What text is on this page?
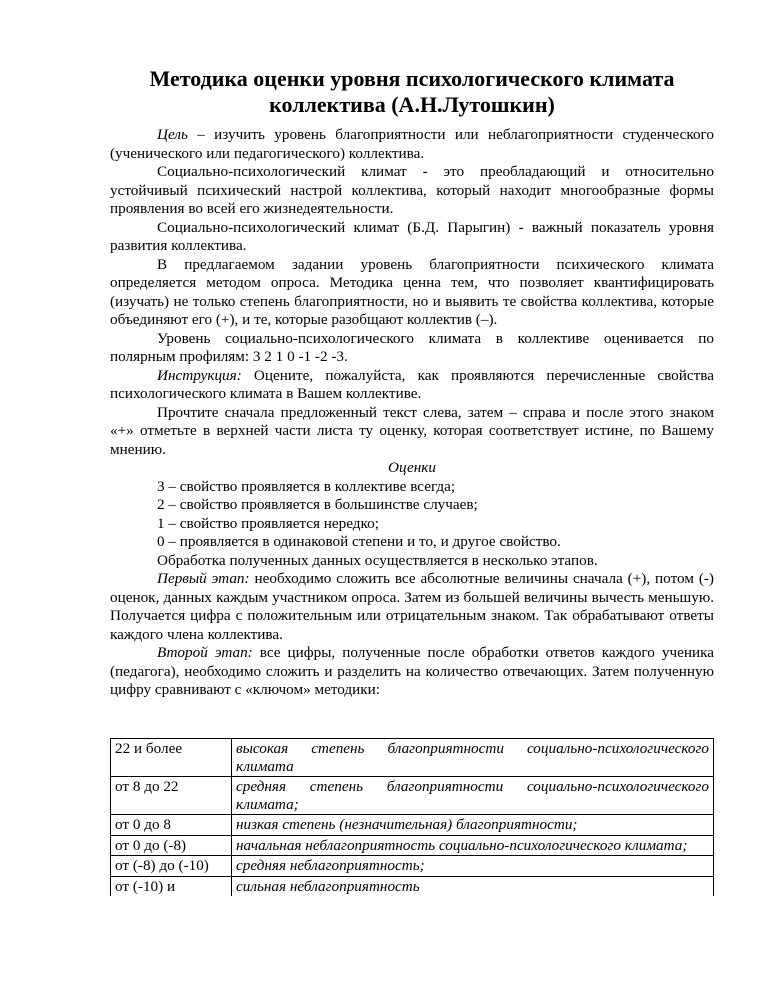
Методика оценки уровня психологического климата коллектива (А.Н.Лутошкин)

Цель – изучить уровень благоприятности или неблагоприятности студенческого (ученического или педагогического) коллектива.

Социально-психологический климат - это преобладающий и относительно устойчивый психический настрой коллектива, который находит многообразные формы проявления во всей его жизнедеятельности.

Социально-психологический климат (Б.Д. Парыгин) - важный показатель уровня развития коллектива.

В предлагаемом задании уровень благоприятности психического климата определяется методом опроса. Методика ценна тем, что позволяет квантифицировать (изучать) не только степень благоприятности, но и выявить те свойства коллектива, которые объединяют его (+), и те, которые разобщают коллектив (–).

Уровень социально-психологического климата в коллективе оценивается по полярным профилям: 3 2 1 0 -1 -2 -3.

Инструкция: Оцените, пожалуйста, как проявляются перечисленные свойства психологического климата в Вашем коллективе.

Прочтите сначала предложенный текст слева, затем – справа и после этого знаком «+» отметьте в верхней части листа ту оценку, которая соответствует истине, по Вашему мнению.

Оценки

3 – свойство проявляется в коллективе всегда;

2 – свойство проявляется в большинстве случаев;

1 – свойство проявляется нередко;

0 – проявляется в одинаковой степени и то, и другое свойство.

Обработка полученных данных осуществляется в несколько этапов.

Первый этап: необходимо сложить все абсолютные величины сначала (+), потом (-) оценок, данных каждым участником опроса. Затем из большей величины вычесть меньшую. Получается цифра с положительным или отрицательным знаком. Так обрабатывают ответы каждого члена коллектива.

Второй этап: все цифры, полученные после обработки ответов каждого ученика (педагога), необходимо сложить и разделить на количество отвечающих. Затем полученную цифру сравнивают с «ключом» методики:

22 и более	высокая степень благоприятности социально-психологического климата
от 8 до 22	средняя степень благоприятности социально-психологического климата;
от 0 до 8	низкая степень (незначительная) благоприятности;
от 0 до (-8)	начальная неблагоприятность социально-психологического климата;
от (-8) до (-10)	средняя неблагоприятность;
от (-10) и	сильная неблагоприятность
